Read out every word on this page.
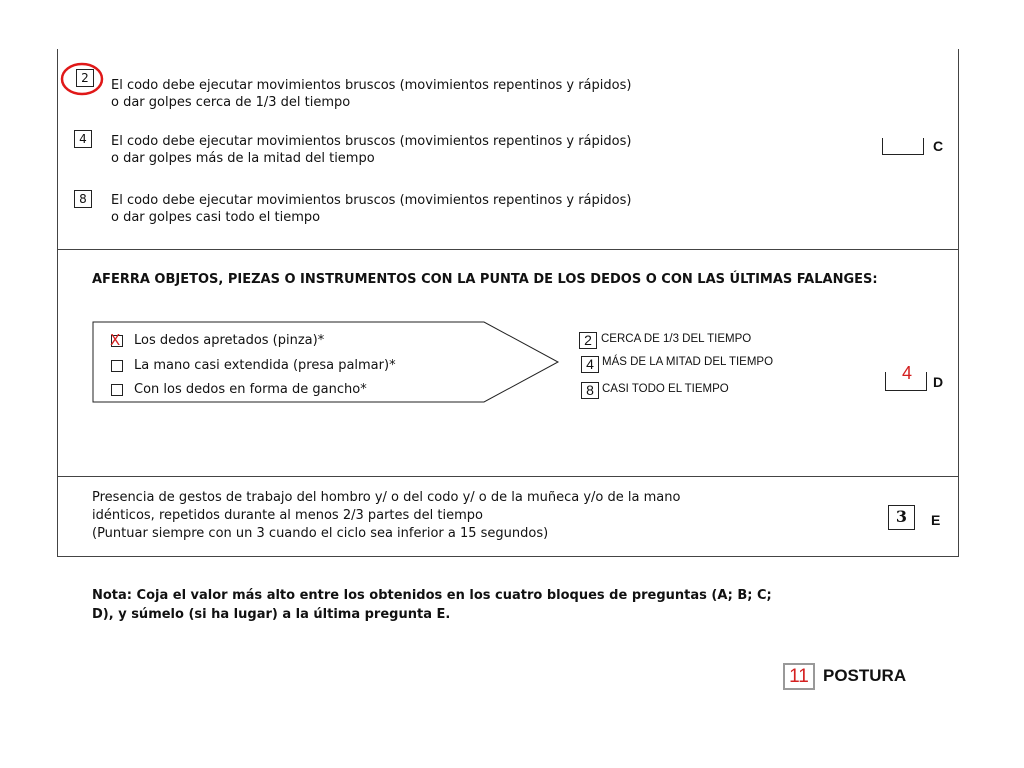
2	El codo debe ejecutar movimientos bruscos (movimientos repentinos y rápidos)
o dar golpes cerca de 1/3 del tiempo
4	El codo debe ejecutar movimientos bruscos (movimientos repentinos y rápidos)
o dar golpes más de la mitad del tiempo
8	El codo debe ejecutar movimientos bruscos (movimientos repentinos y rápidos)
o dar golpes casi todo el tiempo
C
AFERRA OBJETOS, PIEZAS O INSTRUMENTOS CON LA PUNTA DE LOS DEDOS O CON LAS ÚLTIMAS FALANGES:
X Los dedos apretados (pinza)*
La mano casi extendida (presa palmar)*
Con los dedos en forma de gancho*
2 CERCA DE 1/3 DEL TIEMPO
4 MÁS DE LA MITAD DEL TIEMPO
8 CASI TODO EL TIEMPO
4 D
Presencia de gestos de trabajo del hombro y/ o del codo y/ o de la muñeca y/o de la mano
idénticos, repetidos durante al menos 2/3 partes del tiempo
(Puntuar siempre con un 3 cuando el ciclo sea inferior a 15 segundos)
3	E
Nota: Coja el valor más alto entre los obtenidos en los cuatro bloques de preguntas (A; B; C;
D), y súmelo (si ha lugar) a la última pregunta E.
11 POSTURA
